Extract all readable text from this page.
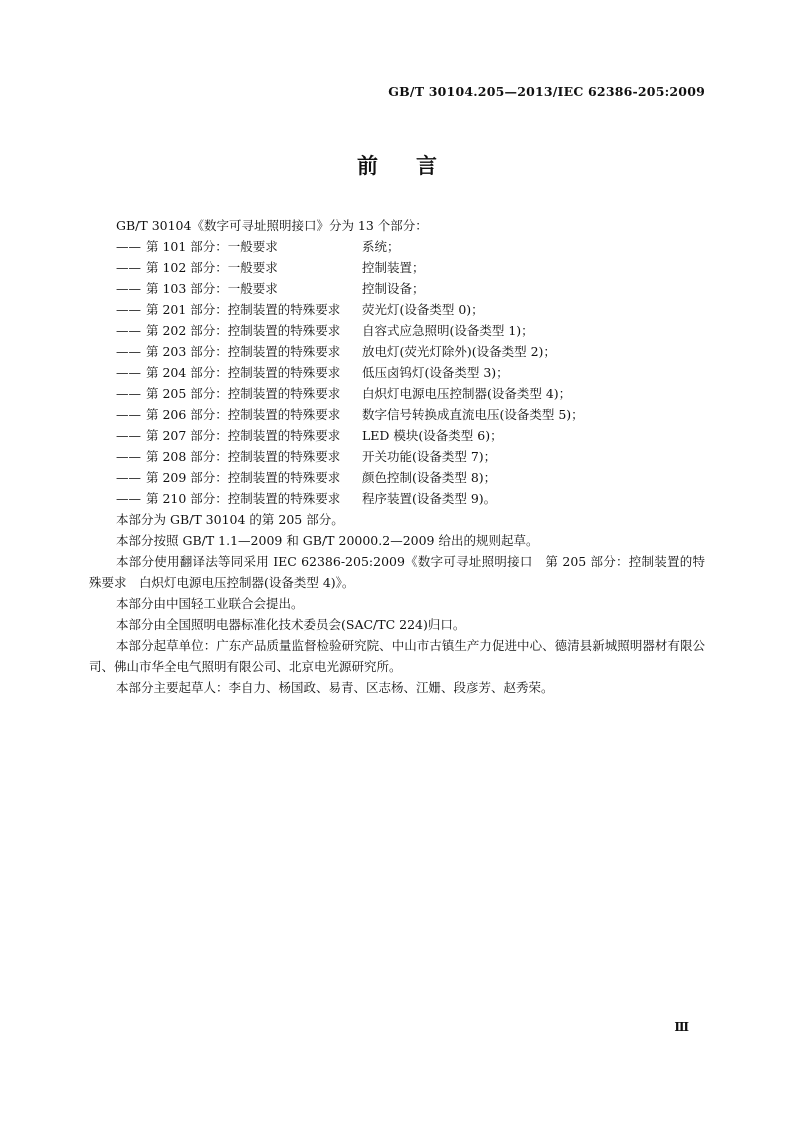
GB/T 30104.205—2013/IEC 62386-205:2009
前言
GB/T 30104《数字可寻址照明接口》分为 13 个部分：
—— 第 101 部分：一般要求	系统；
—— 第 102 部分：一般要求	控制装置；
—— 第 103 部分：一般要求	控制设备；
—— 第 201 部分：控制装置的特殊要求 荧光灯(设备类型 0)；
—— 第 202 部分：控制装置的特殊要求 自容式应急照明(设备类型 1)；
—— 第 203 部分：控制装置的特殊要求 放电灯(荧光灯除外)(设备类型 2)；
—— 第 204 部分：控制装置的特殊要求 低压卤钨灯(设备类型 3)；
—— 第 205 部分：控制装置的特殊要求 白炽灯电源电压控制器(设备类型 4)；
—— 第 206 部分：控制装置的特殊要求 数字信号转换成直流电压(设备类型 5)；
—— 第 207 部分：控制装置的特殊要求 LED 模块(设备类型 6)；
—— 第 208 部分：控制装置的特殊要求 开关功能(设备类型 7)；
—— 第 209 部分：控制装置的特殊要求 颜色控制(设备类型 8)；
—— 第 210 部分：控制装置的特殊要求 程序装置(设备类型 9)。
本部分为 GB/T 30104 的第 205 部分。
本部分按照 GB/T 1.1—2009 和 GB/T 20000.2—2009 给出的规则起草。
本部分使用翻译法等同采用 IEC 62386-205:2009《数字可寻址照明接口　第 205 部分：控制装置的特殊要求　白炽灯电源电压控制器(设备类型 4)》。
本部分由中国轻工业联合会提出。
本部分由全国照明电器标准化技术委员会(SAC/TC 224)归口。
本部分起草单位：广东产品质量监督检验研究院、中山市古镇生产力促进中心、德清县新城照明器材有限公司、佛山市华全电气照明有限公司、北京电光源研究所。
本部分主要起草人：李自力、杨国政、易青、区志杨、江姗、段彦芳、赵秀荣。
Ⅲ
